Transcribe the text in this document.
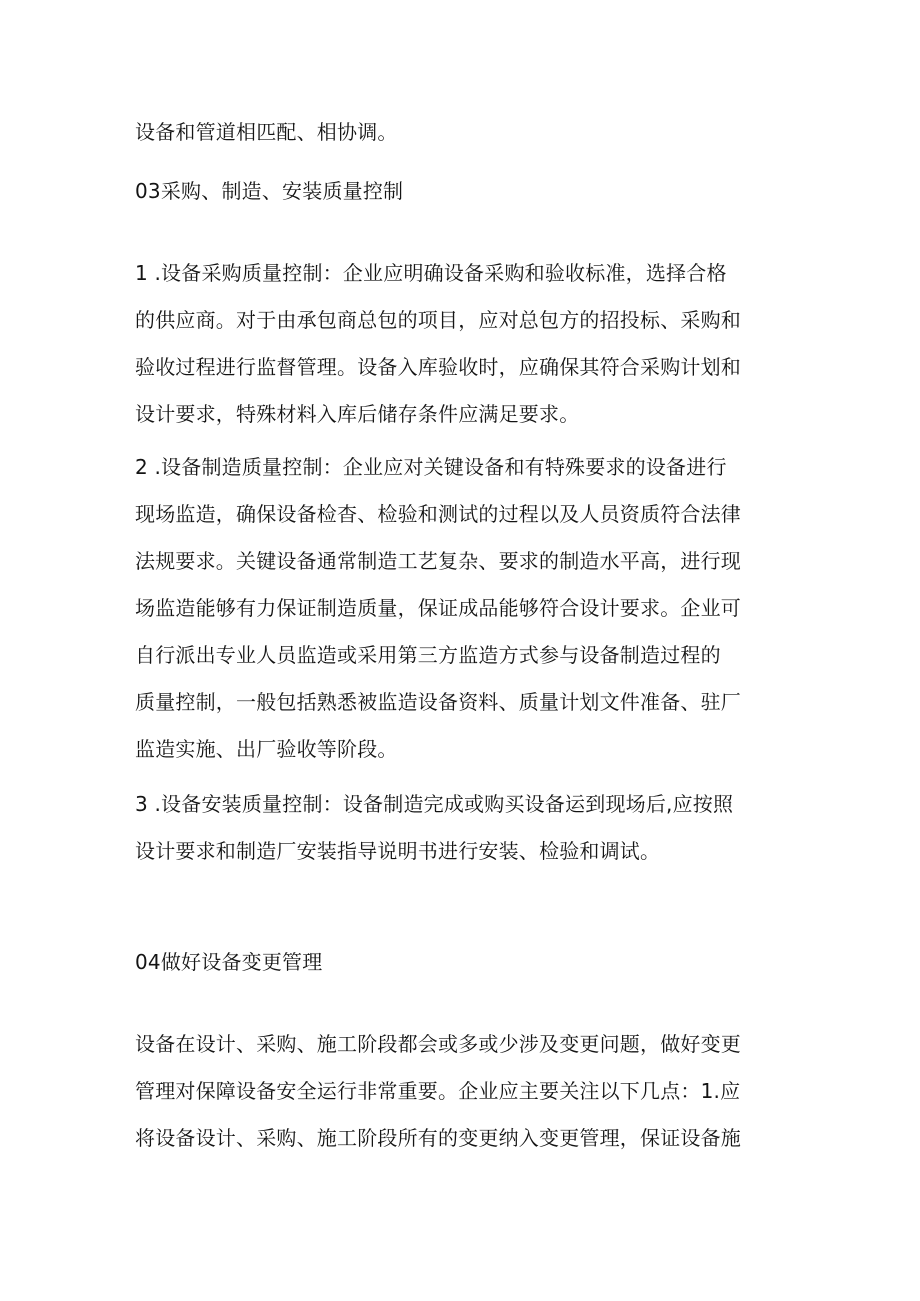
设备和管道相匹配、相协调。
03采购、制造、安装质量控制
1 .设备采购质量控制：企业应明确设备采购和验收标准，选择合格
的供应商。对于由承包商总包的项目，应对总包方的招投标、采购和
验收过程进行监督管理。设备入库验收时，应确保其符合采购计划和
设计要求，特殊材料入库后储存条件应满足要求。
2 .设备制造质量控制：企业应对关键设备和有特殊要求的设备进行
现场监造，确保设备检杳、检验和测试的过程以及人员资质符合法律
法规要求。关键设备通常制造工艺复杂、要求的制造水平高，进行现
场监造能够有力保证制造质量，保证成品能够符合设计要求。企业可
自行派出专业人员监造或采用第三方监造方式参与设备制造过程的
质量控制，一般包括熟悉被监造设备资料、质量计划文件准备、驻厂
监造实施、出厂验收等阶段。
3 .设备安装质量控制：设备制造完成或购买设备运到现场后,应按照
设计要求和制造厂安装指导说明书进行安装、检验和调试。
04做好设备变更管理
设备在设计、采购、施工阶段都会或多或少涉及变更问题，做好变更
管理对保障设备安全运行非常重要。企业应主要关注以下几点：1.应
将设备设计、采购、施工阶段所有的变更纳入变更管理，保证设备施
